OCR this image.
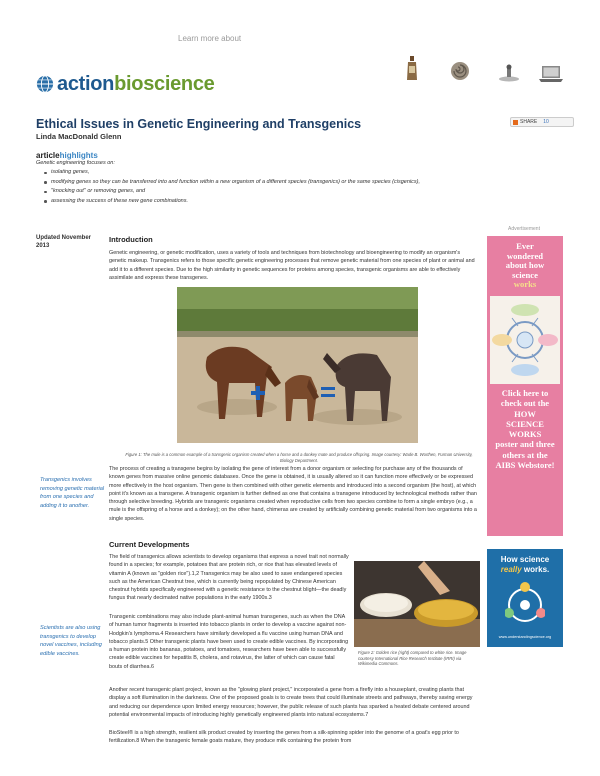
Learn more about
actionbioscience
Ethical Issues in Genetic Engineering and Transgenics
Linda MacDonald Glenn
SHARE 10
articlehighlights
Genetic engineering focuses on:
isolating genes,
modifying genes so they can be transferred into and function within a new organism of a different species (transgenics) or the same species (cisgenics),
"knocking out" or removing genes, and
assessing the success of these new gene combinations.
Advertisement
Updated November 2013
Introduction
Genetic engineering, or genetic modification, uses a variety of tools and techniques from biotechnology and bioengineering to modify an organism's genetic makeup. Transgenics refers to those specific genetic engineering processes that remove genetic material from one species of plant or animal and add it to a different species. Due to the high similarity in genetic sequences for proteins among species, transgenic organisms are able to effectively assimilate and express these transgenes.
Figure 1: The mule is a common example of a transgenic organism created when a horse and a donkey mate and produce offspring. Image courtesy: Wade B. Worthen, Furman University, Biology Department.
Transgenics involves removing genetic material from one species and adding it to another.
The process of creating a transgene begins by isolating the gene of interest from a donor organism or selecting for purchase any of the thousands of known genes from massive online genomic databases. Once the gene is obtained, it is usually altered so it can function more effectively or be expressed more effectively in the host organism. Then gene is then combined with other genetic elements and introduced into a second organism (the host), at which point it's known as a transgene. A transgenic organism is further defined as one that contains a transgene introduced by technological methods rather than through selective breeding. Hybrids are transgenic organisms created when reproductive cells from two species combine to form a single embryo (e.g., a mule is the offspring of a horse and a donkey); on the other hand, chimeras are created by artificially combining genetic material from two organisms into a single species.
Current Developments
The field of transgenics allows scientists to develop organisms that express a novel trait not normally found in a species; for example, potatoes that are protein rich, or rice that has elevated levels of vitamin A (known as "golden rice").1,2 Transgenics may be also used to save endangered species such as the American Chestnut tree, which is currently being repopulated by Chinese American chestnut hybrids specifically engineered with a genetic resistance to the chestnut blight—the deadly fungus that nearly decimated native populations in the early 1900s.3
Figure 2: Golden rice (right) compared to white rice. Image courtesy International Rice Research Institute (IRRI) via Wikimedia Commons.
Scientists are also using transgenics to develop novel vaccines, including edible vaccines.
Transgenic combinations may also include plant-animal human transgenes, such as when the DNA of human tumor fragments is inserted into tobacco plants in order to develop a vaccine against non-Hodgkin's lymphoma.4 Researchers have similarly developed a flu vaccine using human DNA and tobacco plants.5 Other transgenic plants have been used to create edible vaccines. By incorporating a human protein into bananas, potatoes, and tomatoes, researchers have been able to successfully create edible vaccines for hepatitis B, cholera, and rotavirus, the latter of which can cause fatal bouts of diarrhea.6
Another recent transgenic plant project, known as the "glowing plant project," incorporated a gene from a firefly into a houseplant, creating plants that display a soft illumination in the darkness. One of the proposed goals is to create trees that could illuminate streets and pathways, thereby saving energy and reducing our dependence upon limited energy resources; however, the public release of such plants has sparked a heated debate centered around potential environmental impacts of introducing highly genetically engineered plants into natural ecosystems.7
BioSteel® is a high strength, resilient silk product created by inserting the genes from a silk-spinning spider into the genome of a goat's egg prior to fertilization.8 When the transgenic female goats mature, they produce milk containing the protein from
Ever
wondered
about how
science
works
Click here to
check out the
HOW
SCIENCE
WORKS
poster and three
others at the
AIBS Webstore!
How science
really works.
www.understandingscience.org
